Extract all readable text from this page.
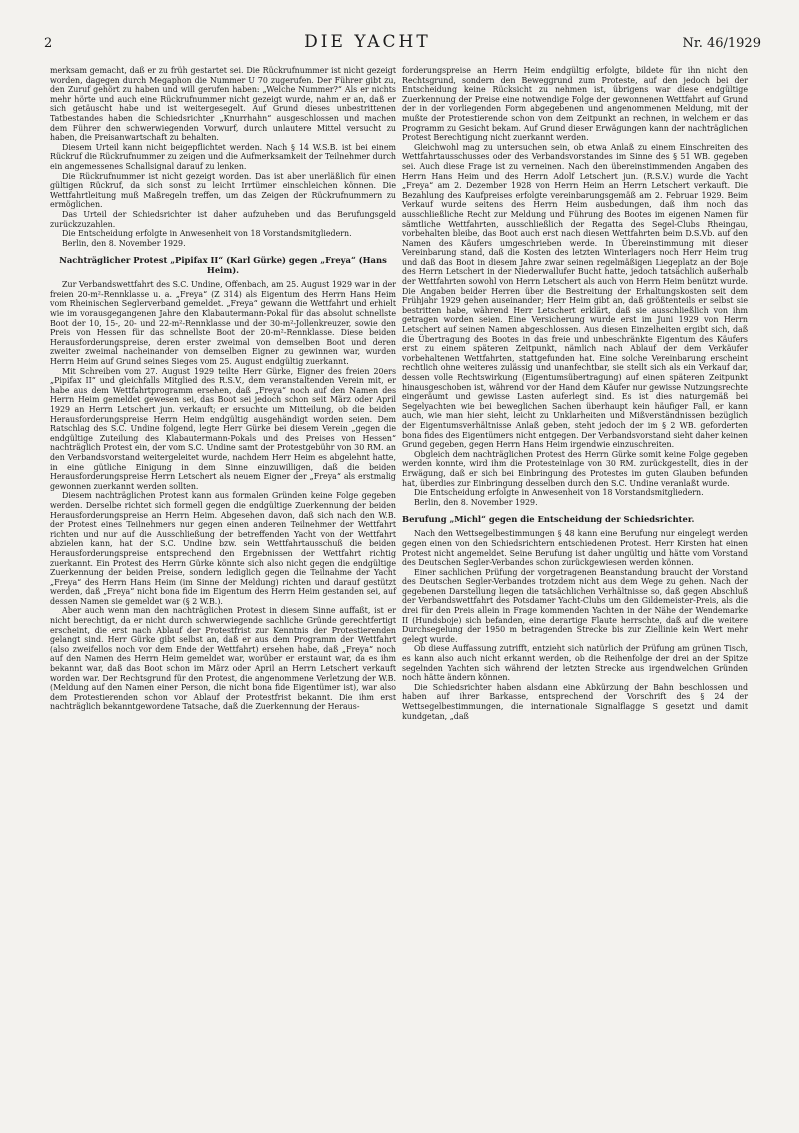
2	DIE YACHT	Nr. 46/1929

merksam gemacht, daß er zu früh gestartet sei. Die Rückrufnummer ist nicht gezeigt worden, dagegen durch Megaphon die Nummer U 70 zugerufen. Der Führer gibt zu, den Zuruf gehört zu haben und will gerufen haben: „Welche Nummer?“ Als er nichts mehr hörte und auch eine Rückrufnummer nicht gezeigt wurde, nahm er an, daß er sich getäuscht habe und ist weitergesegelt. Auf Grund dieses unbestrittenen Tatbestandes haben die Schiedsrichter „Knurrhahn“ ausgeschlossen und machen dem Führer den schwerwiegenden Vorwurf, durch unlautere Mittel versucht zu haben, die Preisanwartschaft zu behalten.

Diesem Urteil kann nicht beigepflichtet werden. Nach § 14 W.S.B. ist bei einem Rückruf die Rückrufnummer zu zeigen und die Aufmerksamkeit der Teilnehmer durch ein angemessenes Schallsignal darauf zu lenken.

Die Rückrufnummer ist nicht gezeigt worden. Das ist aber unerläßlich für einen gültigen Rückruf, da sich sonst zu leicht Irrtümer einschleichen können. Die Wettfahrtleitung muß Maßregeln treffen, um das Zeigen der Rückrufnummern zu ermöglichen.

Das Urteil der Schiedsrichter ist daher aufzuheben und das Berufungsgeld zurückzuzahlen.

Die Entscheidung erfolgte in Anwesenheit von 18 Vorstandsmitgliedern.

Berlin, den 8. November 1929.

Nachträglicher Protest „Pipifax II“ (Karl Gürke) gegen „Freya“ (Hans Heim).

Zur Verbandswettfahrt des S.C. Undine, Offenbach, am 25. August 1929 war in der freien 20-m²-Rennklasse u. a. „Freya“ (Z 314) als Eigentum des Herrn Hans Heim vom Rheinischen Seglerverband gemeldet. „Freya“ gewann die Wettfahrt und erhielt wie im vorausgegangenen Jahre den Klabautermann-Pokal für das absolut schnellste Boot der 10, 15-, 20- und 22-m²-Rennklasse und der 30-m²-Jollenkreuzer, sowie den Preis von Hessen für das schnellste Boot der 20-m²-Rennklasse. Diese beiden Herausforderungspreise, deren erster zweimal von demselben Boot und deren zweiter zweimal nacheinander von demselben Eigner zu gewinnen war, wurden Herrn Heim auf Grund seines Sieges vom 25. August endgültig zuerkannt.

Mit Schreiben vom 27. August 1929 teilte Herr Gürke, Eigner des freien 20ers „Pipifax II“ und gleichfalls Mitglied des R.S.V., dem veranstaltenden Verein mit, er habe aus dem Wettfahrtprogramm ersehen, daß „Freya“ noch auf den Namen des Herrn Heim gemeldet gewesen sei, das Boot sei jedoch schon seit März oder April 1929 an Herrn Letschert jun. verkauft; er ersuchte um Mitteilung, ob die beiden Herausforderungspreise Herrn Heim endgültig ausgehändigt worden seien. Dem Ratschlag des S.C. Undine folgend, legte Herr Gürke bei diesem Verein „gegen die endgültige Zuteilung des Klabautermann-Pokals und des Preises von Hessen“ nachträglich Protest ein, der vom S.C. Undine samt der Protestgebühr von 30 RM. an den Verbandsvorstand weitergeleitet wurde, nachdem Herr Heim es abgelehnt hatte, in eine gütliche Einigung in dem Sinne einzuwilligen, daß die beiden Herausforderungspreise Herrn Letschert als neuem Eigner der „Freya“ als erstmalig gewonnen zuerkannt werden sollten.

Diesem nachträglichen Protest kann aus formalen Gründen keine Folge gegeben werden. Derselbe richtet sich formell gegen die endgültige Zuerkennung der beiden Herausforderungspreise an Herrn Heim. Abgesehen davon, daß sich nach den W.B. der Protest eines Teilnehmers nur gegen einen anderen Teilnehmer der Wettfahrt richten und nur auf die Ausschließung der betreffenden Yacht von der Wettfahrt abzielen kann, hat der S.C. Undine bzw. sein Wettfahrtausschuß die beiden Herausforderungspreise entsprechend den Ergebnissen der Wettfahrt richtig zuerkannt. Ein Protest des Herrn Gürke könnte sich also nicht gegen die endgültige Zuerkennung der beiden Preise, sondern lediglich gegen die Teilnahme der Yacht „Freya“ des Herrn Hans Heim (im Sinne der Meldung) richten und darauf gestützt werden, daß „Freya“ nicht bona fide im Eigentum des Herrn Heim gestanden sei, auf dessen Namen sie gemeldet war (§ 2 W.B.).

Aber auch wenn man den nachträglichen Protest in diesem Sinne auffaßt, ist er nicht berechtigt, da er nicht durch schwerwiegende sachliche Gründe gerechtfertigt erscheint, die erst nach Ablauf der Protestfrist zur Kenntnis der Protestierenden gelangt sind. Herr Gürke gibt selbst an, daß er aus dem Programm der Wettfahrt (also zweifellos noch vor dem Ende der Wettfahrt) ersehen habe, daß „Freya“ noch auf den Namen des Herrn Heim gemeldet war, worüber er erstaunt war, da es ihm bekannt war, daß das Boot schon im März oder April an Herrn Letschert verkauft worden war. Der Rechtsgrund für den Protest, die angenommene Verletzung der W.B. (Meldung auf den Namen einer Person, die nicht bona fide Eigentümer ist), war also dem Protestierenden schon vor Ablauf der Protestfrist bekannt. Die ihm erst nachträglich bekanntgewordene Tatsache, daß die Zuerkennung der Heraus-

forderungspreise an Herrn Heim endgültig erfolgte, bildete für ihn nicht den Rechtsgrund, sondern den Beweggrund zum Proteste, auf den jedoch bei der Entscheidung keine Rücksicht zu nehmen ist, übrigens war diese endgültige Zuerkennung der Preise eine notwendige Folge der gewonnenen Wettfahrt auf Grund der in der vorliegenden Form abgegebenen und angenommenen Meldung, mit der mußte der Protestierende schon von dem Zeitpunkt an rechnen, in welchem er das Programm zu Gesicht bekam. Auf Grund dieser Erwägungen kann der nachträglichen Protest Berechtigung nicht zuerkannt werden.

Gleichwohl mag zu untersuchen sein, ob etwa Anlaß zu einem Einschreiten des Wettfahrtausschusses oder des Verbandsvorstandes im Sinne des § 51 WB. gegeben sei. Auch diese Frage ist zu verneinen. Nach den übereinstimmenden Angaben des Herrn Hans Heim und des Herrn Adolf Letschert jun. (R.S.V.) wurde die Yacht „Freya“ am 2. Dezember 1928 von Herrn Heim an Herrn Letschert verkauft. Die Bezahlung des Kaufpreises erfolgte vereinbarungsgemäß am 2. Februar 1929. Beim Verkauf wurde seitens des Herrn Heim ausbedungen, daß ihm noch das ausschließliche Recht zur Meldung und Führung des Bootes im eigenen Namen für sämtliche Wettfahrten, ausschließlich der Regatta des Segel-Clubs Rheingau, vorbehalten bleibe, das Boot auch erst nach diesen Wettfahrten beim D.S.Vb. auf den Namen des Käufers umgeschrieben werde. In Übereinstimmung mit dieser Vereinbarung stand, daß die Kosten des letzten Winterlagers noch Herr Heim trug und daß das Boot in diesem Jahre zwar seinen regelmäßigen Liegeplatz an der Boje des Herrn Letschert in der Niederwallufer Bucht hatte, jedoch tatsächlich außerhalb der Wettfahrten sowohl von Herrn Letschert als auch von Herrn Heim benützt wurde. Die Angaben beider Herren über die Bestreitung der Erhaltungskosten seit dem Frühjahr 1929 gehen auseinander; Herr Heim gibt an, daß größtenteils er selbst sie bestritten habe, während Herr Letschert erklärt, daß sie ausschließlich von ihm getragen worden seien. Eine Versicherung wurde erst im Juni 1929 von Herrn Letschert auf seinen Namen abgeschlossen. Aus diesen Einzelheiten ergibt sich, daß die Übertragung des Bootes in das freie und unbeschränkte Eigentum des Käufers erst zu einem späteren Zeitpunkt, nämlich nach Ablauf der dem Verkäufer vorbehaltenen Wettfahrten, stattgefunden hat. Eine solche Vereinbarung erscheint rechtlich ohne weiteres zulässig und unanfechtbar, sie stellt sich als ein Verkauf dar, dessen volle Rechtswirkung (Eigentumsübertragung) auf einen späteren Zeitpunkt hinausgeschoben ist, während vor der Hand dem Käufer nur gewisse Nutzungsrechte eingeräumt und gewisse Lasten auferlegt sind. Es ist dies naturgemäß bei Segelyachten wie bei beweglichen Sachen überhaupt kein häufiger Fall, er kann auch, wie man hier sieht, leicht zu Unklarheiten und Mißverständnissen bezüglich der Eigentumsverhältnisse Anlaß geben, steht jedoch der im § 2 WB. geforderten bona fides des Eigentümers nicht entgegen. Der Verbandsvorstand sieht daher keinen Grund gegeben, gegen Herrn Hans Heim irgendwie einzuschreiten.

Obgleich dem nachträglichen Protest des Herrn Gürke somit keine Folge gegeben werden konnte, wird ihm die Protesteinlage von 30 RM. zurückgestellt, dies in der Erwägung, daß er sich bei Einbringung des Protestes im guten Glauben befunden hat, überdies zur Einbringung desselben durch den S.C. Undine veranlaßt wurde.

Die Entscheidung erfolgte in Anwesenheit von 18 Vorstandsmitgliedern.

Berlin, den 8. November 1929.

Berufung „Michl“ gegen die Entscheidung der Schiedsrichter.

Nach den Wettsegelbestimmungen § 48 kann eine Berufung nur eingelegt werden gegen einen von den Schiedsrichtern entschiedenen Protest. Herr Kirsten hat einen Protest nicht angemeldet. Seine Berufung ist daher ungültig und hätte vom Vorstand des Deutschen Segler-Verbandes schon zurückgewiesen werden können.

Einer sachlichen Prüfung der vorgetragenen Beanstandung braucht der Vorstand des Deutschen Segler-Verbandes trotzdem nicht aus dem Wege zu gehen. Nach der gegebenen Darstellung liegen die tatsächlichen Verhältnisse so, daß gegen Abschluß der Verbandswettfahrt des Potsdamer Yacht-Clubs um den Gildemeister-Preis, als die drei für den Preis allein in Frage kommenden Yachten in der Nähe der Wendemarke II (Hundsboje) sich befanden, eine derartige Flaute herrschte, daß auf die weitere Durchsegelung der 1950 m betragenden Strecke bis zur Ziellinie kein Wert mehr gelegt wurde.

Ob diese Auffassung zutrifft, entzieht sich natürlich der Prüfung am grünen Tisch, es kann also auch nicht erkannt werden, ob die Reihenfolge der drei an der Spitze segelnden Yachten sich während der letzten Strecke aus irgendwelchen Gründen noch hätte ändern können.

Die Schiedsrichter haben alsdann eine Abkürzung der Bahn beschlossen und haben auf ihrer Barkasse, entsprechend der Vorschrift des § 24 der Wettsegelbestimmungen, die internationale Signalflagge S gesetzt und damit kundgetan, „daß
